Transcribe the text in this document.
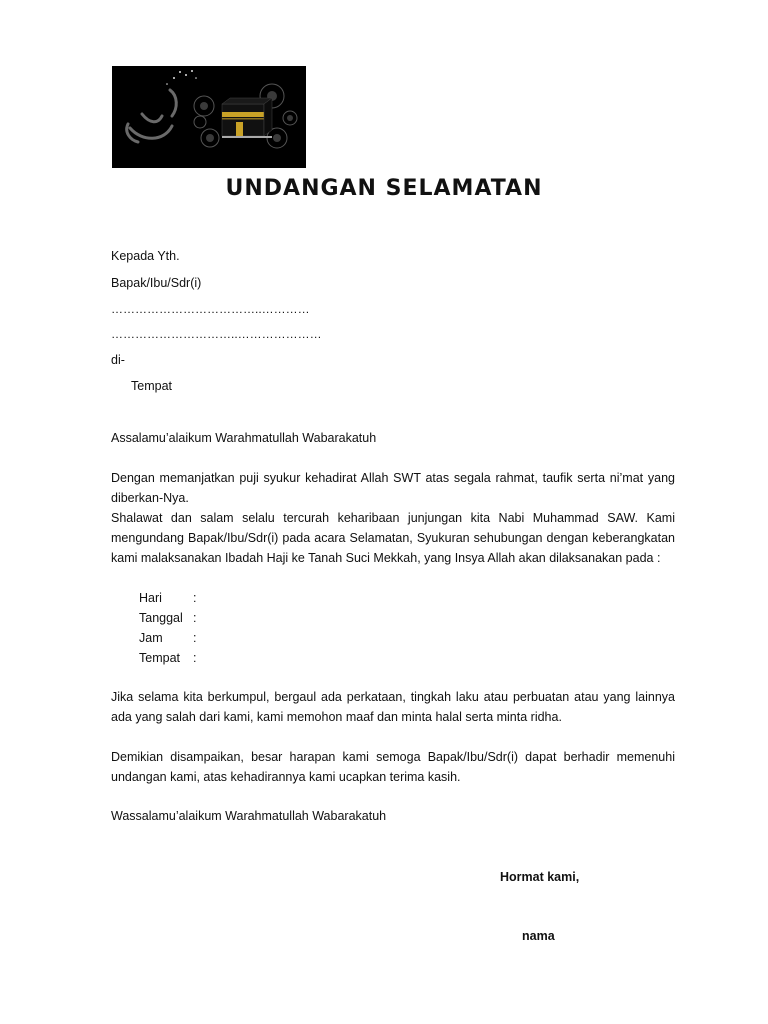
UNDANGAN SELAMATAN
Kepada Yth.
Bapak/Ibu/Sdr(i)
………………………………..…………
…………………………..…………………
di-
Tempat
Assalamu’alaikum Warahmatullah Wabarakatuh

Dengan memanjatkan puji syukur kehadirat Allah SWT atas segala rahmat, taufik serta ni’mat yang diberkan-Nya.

Shalawat dan salam selalu tercurah keharibaan junjungan kita Nabi Muhammad SAW. Kami mengundang Bapak/Ibu/Sdr(i) pada acara Selamatan, Syukuran sehubungan dengan keberangkatan kami malaksanakan Ibadah Haji ke Tanah Suci Mekkah, yang Insya Allah akan dilaksanakan pada :

Hari	:
Tanggal :
Jam	:
Tempat	:
Jika selama kita berkumpul, bergaul ada perkataan, tingkah laku atau perbuatan atau yang lainnya ada yang salah dari kami, kami memohon maaf dan minta halal serta minta ridha.
Demikian disampaikan, besar harapan kami semoga Bapak/Ibu/Sdr(i) dapat berhadir memenuhi undangan kami, atas kehadirannya kami ucapkan terima kasih.
Wassalamu’alaikum Warahmatullah Wabarakatuh
Hormat kami,
nama
